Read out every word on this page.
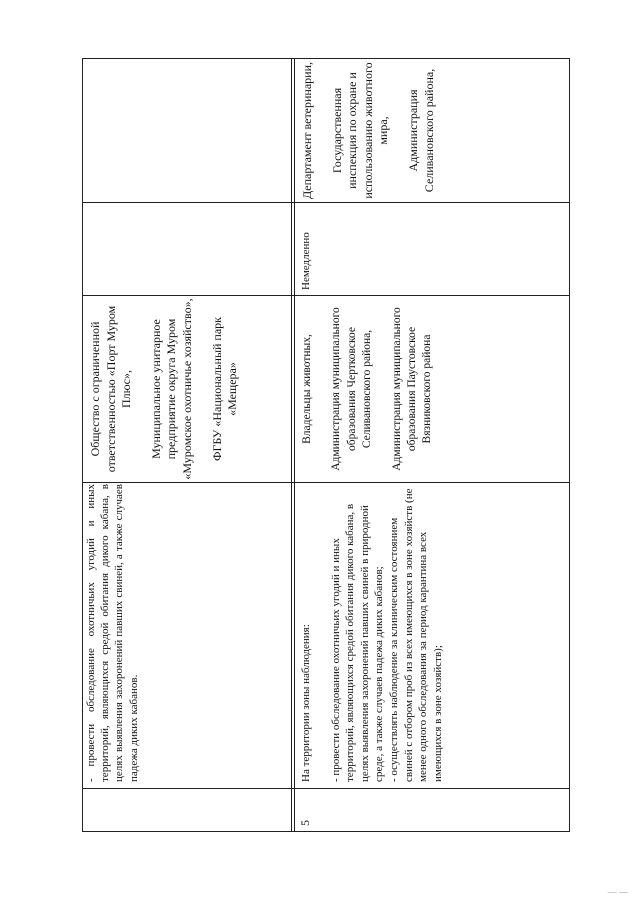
- провести обследование охотничьих угодий и иных территорий, являющихся средой обитания дикого кабана, в целях выявления захоронений павших свиней, а также случаев падежа диких кабанов.

Общество с ограниченной ответственностью «Порт Муром Плюс», Муниципальное унитарное предприятие округа Муром «Муромское охотничье хозяйство», ФГБУ «Национальный парк «Мещера»

5

На территории зоны наблюдения: - провести обследование охотничьих угодий и иных территорий, являющихся средой обитания дикого кабана, в целях выявления захоронений павших свиней в природной среде, а также случаев падежа диких кабанов; - осуществлять наблюдение за клиническим состоянием свиней с отбором проб из всех имеющихся в зоне хозяйств (не менее одного обследования за период карантина всех имеющихся в зоне хозяйств);

Владельцы животных, Администрация муниципального образования Чертковское Селивановского района, Администрация муниципального образования Паустовское Вязниковского района

Немедленно

Департамент ветеринарии, Государственная инспекция по охране и использованию животного мира, Администрация Селивановского района,

— —
